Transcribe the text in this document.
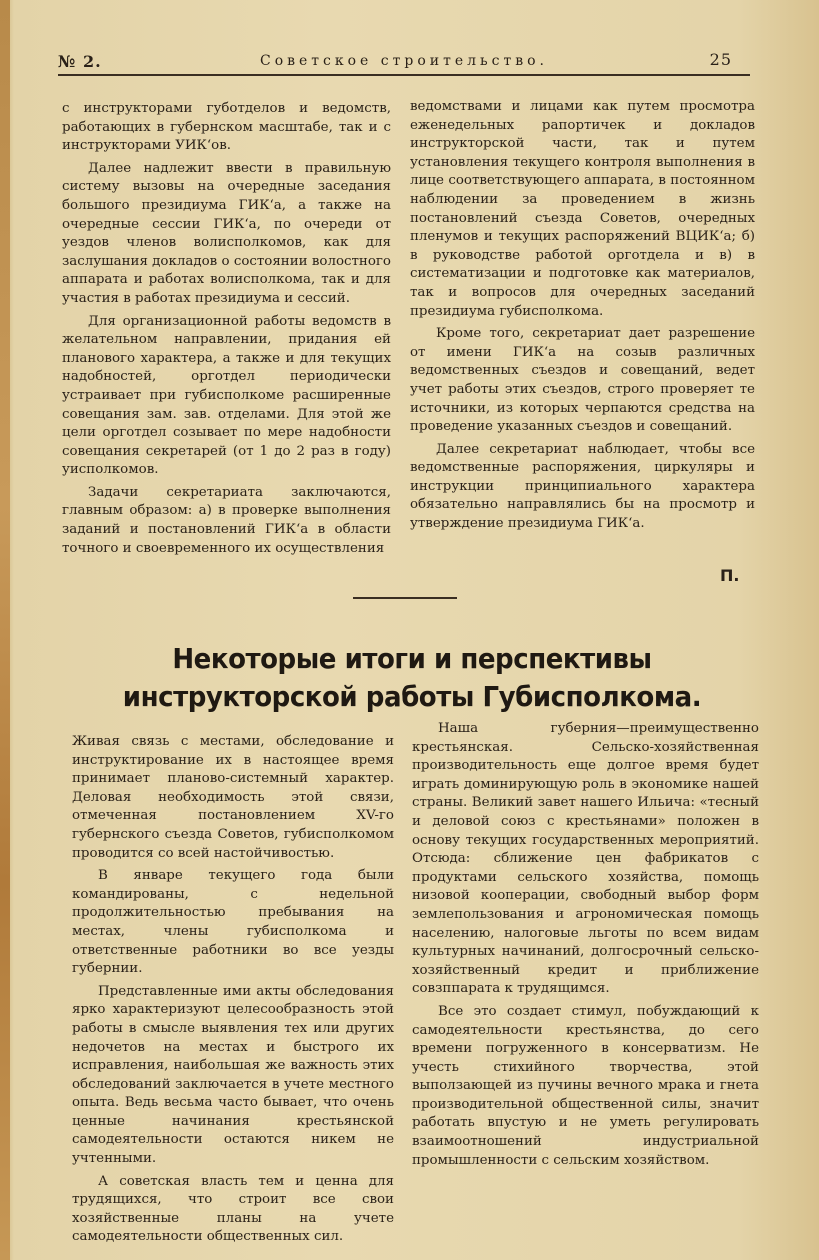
№ 2.	Советское строительство.	25

с инструкторами губотделов и ведомств, работающих в губернском масштабе, так и с инструкторами УИК‘ов.

Далее надлежит ввести в правильную систему вызовы на очередные заседания большого президиума ГИК‘а, а также на очередные сессии ГИК‘а, по очереди от уездов членов волисполкомов, как для заслушания докладов о состоянии волостного аппарата и работах волисполкома, так и для участия в работах президиума и сессий.

Для организационной работы ведомств в желательном направлении, придания ей планового характера, а также и для текущих надобностей, орготдел периодически устраивает при губисполкоме расширенные совещания зам. зав. отделами. Для этой же цели орготдел созывает по мере надобности совещания секретарей (от 1 до 2 раз в году) уисполкомов.

Задачи секретариата заключаются, главным образом: а) в проверке выполнения заданий и постановлений ГИК‘а в области точного и своевременного их осуществления

ведомствами и лицами как путем просмотра еженедельных рапортичек и докладов инструкторской части, так и путем установления текущего контроля выполнения в лице соответствующего аппарата, в постоянном наблюдении за проведением в жизнь постановлений съезда Советов, очередных пленумов и текущих распоряжений ВЦИК‘а; б) в руководстве работой орготдела и в) в систематизации и подготовке как материалов, так и вопросов для очередных заседаний президиума губисполкома.

Кроме того, секретариат дает разрешение от имени ГИК‘а на созыв различных ведомственных съездов и совещаний, ведет учет работы этих съездов, строго проверяет те источники, из которых черпаются средства на проведение указанных съездов и совещаний.

Далее секретариат наблюдает, чтобы все ведомственные распоряжения, циркуляры и инструкции принципиального характера обязательно направлялись бы на просмотр и утверждение президиума ГИК‘а.

П.
Некоторые итоги и перспективы инструкторской работы Губисполкома.

Живая связь с местами, обследование и инструктирование их в настоящее время принимает планово-системный характер. Деловая необходимость этой связи, отмеченная постановлением XV-го губернского съезда Советов, губисполкомом проводится со всей настойчивостью.

В январе текущего года были командированы, с недельной продолжительностью пребывания на местах, члены губисполкома и ответственные работники во все уезды губернии.

Представленные ими акты обследования ярко характеризуют целесообразность этой работы в смысле выявления тех или других недочетов на местах и быстрого их исправления, наибольшая же важность этих обследований заключается в учете местного опыта. Ведь весьма часто бывает, что очень ценные начинания крестьянской самодеятельности остаются никем не учтенными.

А советская власть тем и ценна для трудящихся, что строит все свои хозяйственные планы на учете самодеятельности общественных сил.

Наша губерния—преимущественно крестьянская. Сельско-хозяйственная производительность еще долгое время будет играть доминирующую роль в экономике нашей страны. Великий завет нашего Ильича: «тесный и деловой союз с крестьянами» положен в основу текущих государственных мероприятий. Отсюда: сближение цен фабрикатов с продуктами сельского хозяйства, помощь низовой кооперации, свободный выбор форм землепользования и агрономическая помощь населению, налоговые льготы по всем видам культурных начинаний, долгосрочный сельско-хозяйственный кредит и приближение совзппарата к трудящимся.

Все это создает стимул, побуждающий к самодеятельности крестьянства, до сего времени погруженного в консерватизм. Не учесть стихийного творчества, этой выползающей из пучины вечного мрака и гнета производительной общественной силы, значит работать впустую и не уметь регулировать взаимоотношений индустриальной промышленности с сельским хозяйством.
